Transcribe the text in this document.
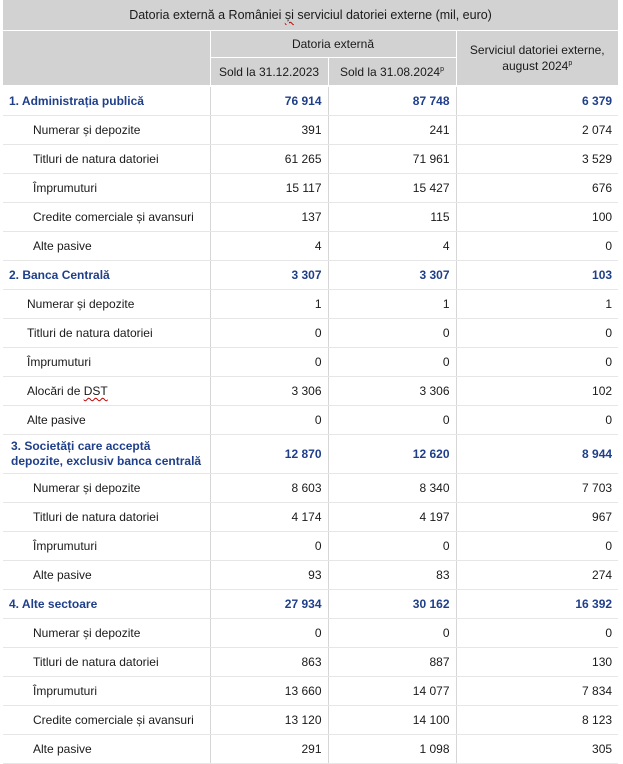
Datoria externă a României și serviciul datoriei externe (mil, euro)			
	Datoria externă		Serviciul datoriei externe,
august 2024$^p$
	Sold la 31.12.2023	Sold la 31.08.2024$^p$

1. Administrația publică	76 914	87 748	6 379
Numerar și depozite	391	241	2 074
Titluri de natura datoriei	61 265	71 961	3 529
Împrumuturi	15 117	15 427	676
Credite comerciale și avansuri	137	115	100
Alte pasive	4	4	0
2. Banca Centrală	3 307	3 307	103
Numerar și depozite	1	1	1
Titluri de natura datoriei	0	0	0
Împrumuturi	0	0	0
Alocări de DST	3 306	3 306	102
Alte pasive	0	0	0
3. Societăți care acceptă
depozite, exclusiv banca centrală	12 870	12 620	8 944
Numerar și depozite	8 603	8 340	7 703
Titluri de natura datoriei	4 174	4 197	967
Împrumuturi	0	0	0
Alte pasive	93	83	274
4. Alte sectoare	27 934	30 162	16 392
Numerar și depozite	0	0	0
Titluri de natura datoriei	863	887	130
Împrumuturi	13 660	14 077	7 834
Credite comerciale și avansuri	13 120	14 100	8 123
Alte pasive	291	1 098	305
